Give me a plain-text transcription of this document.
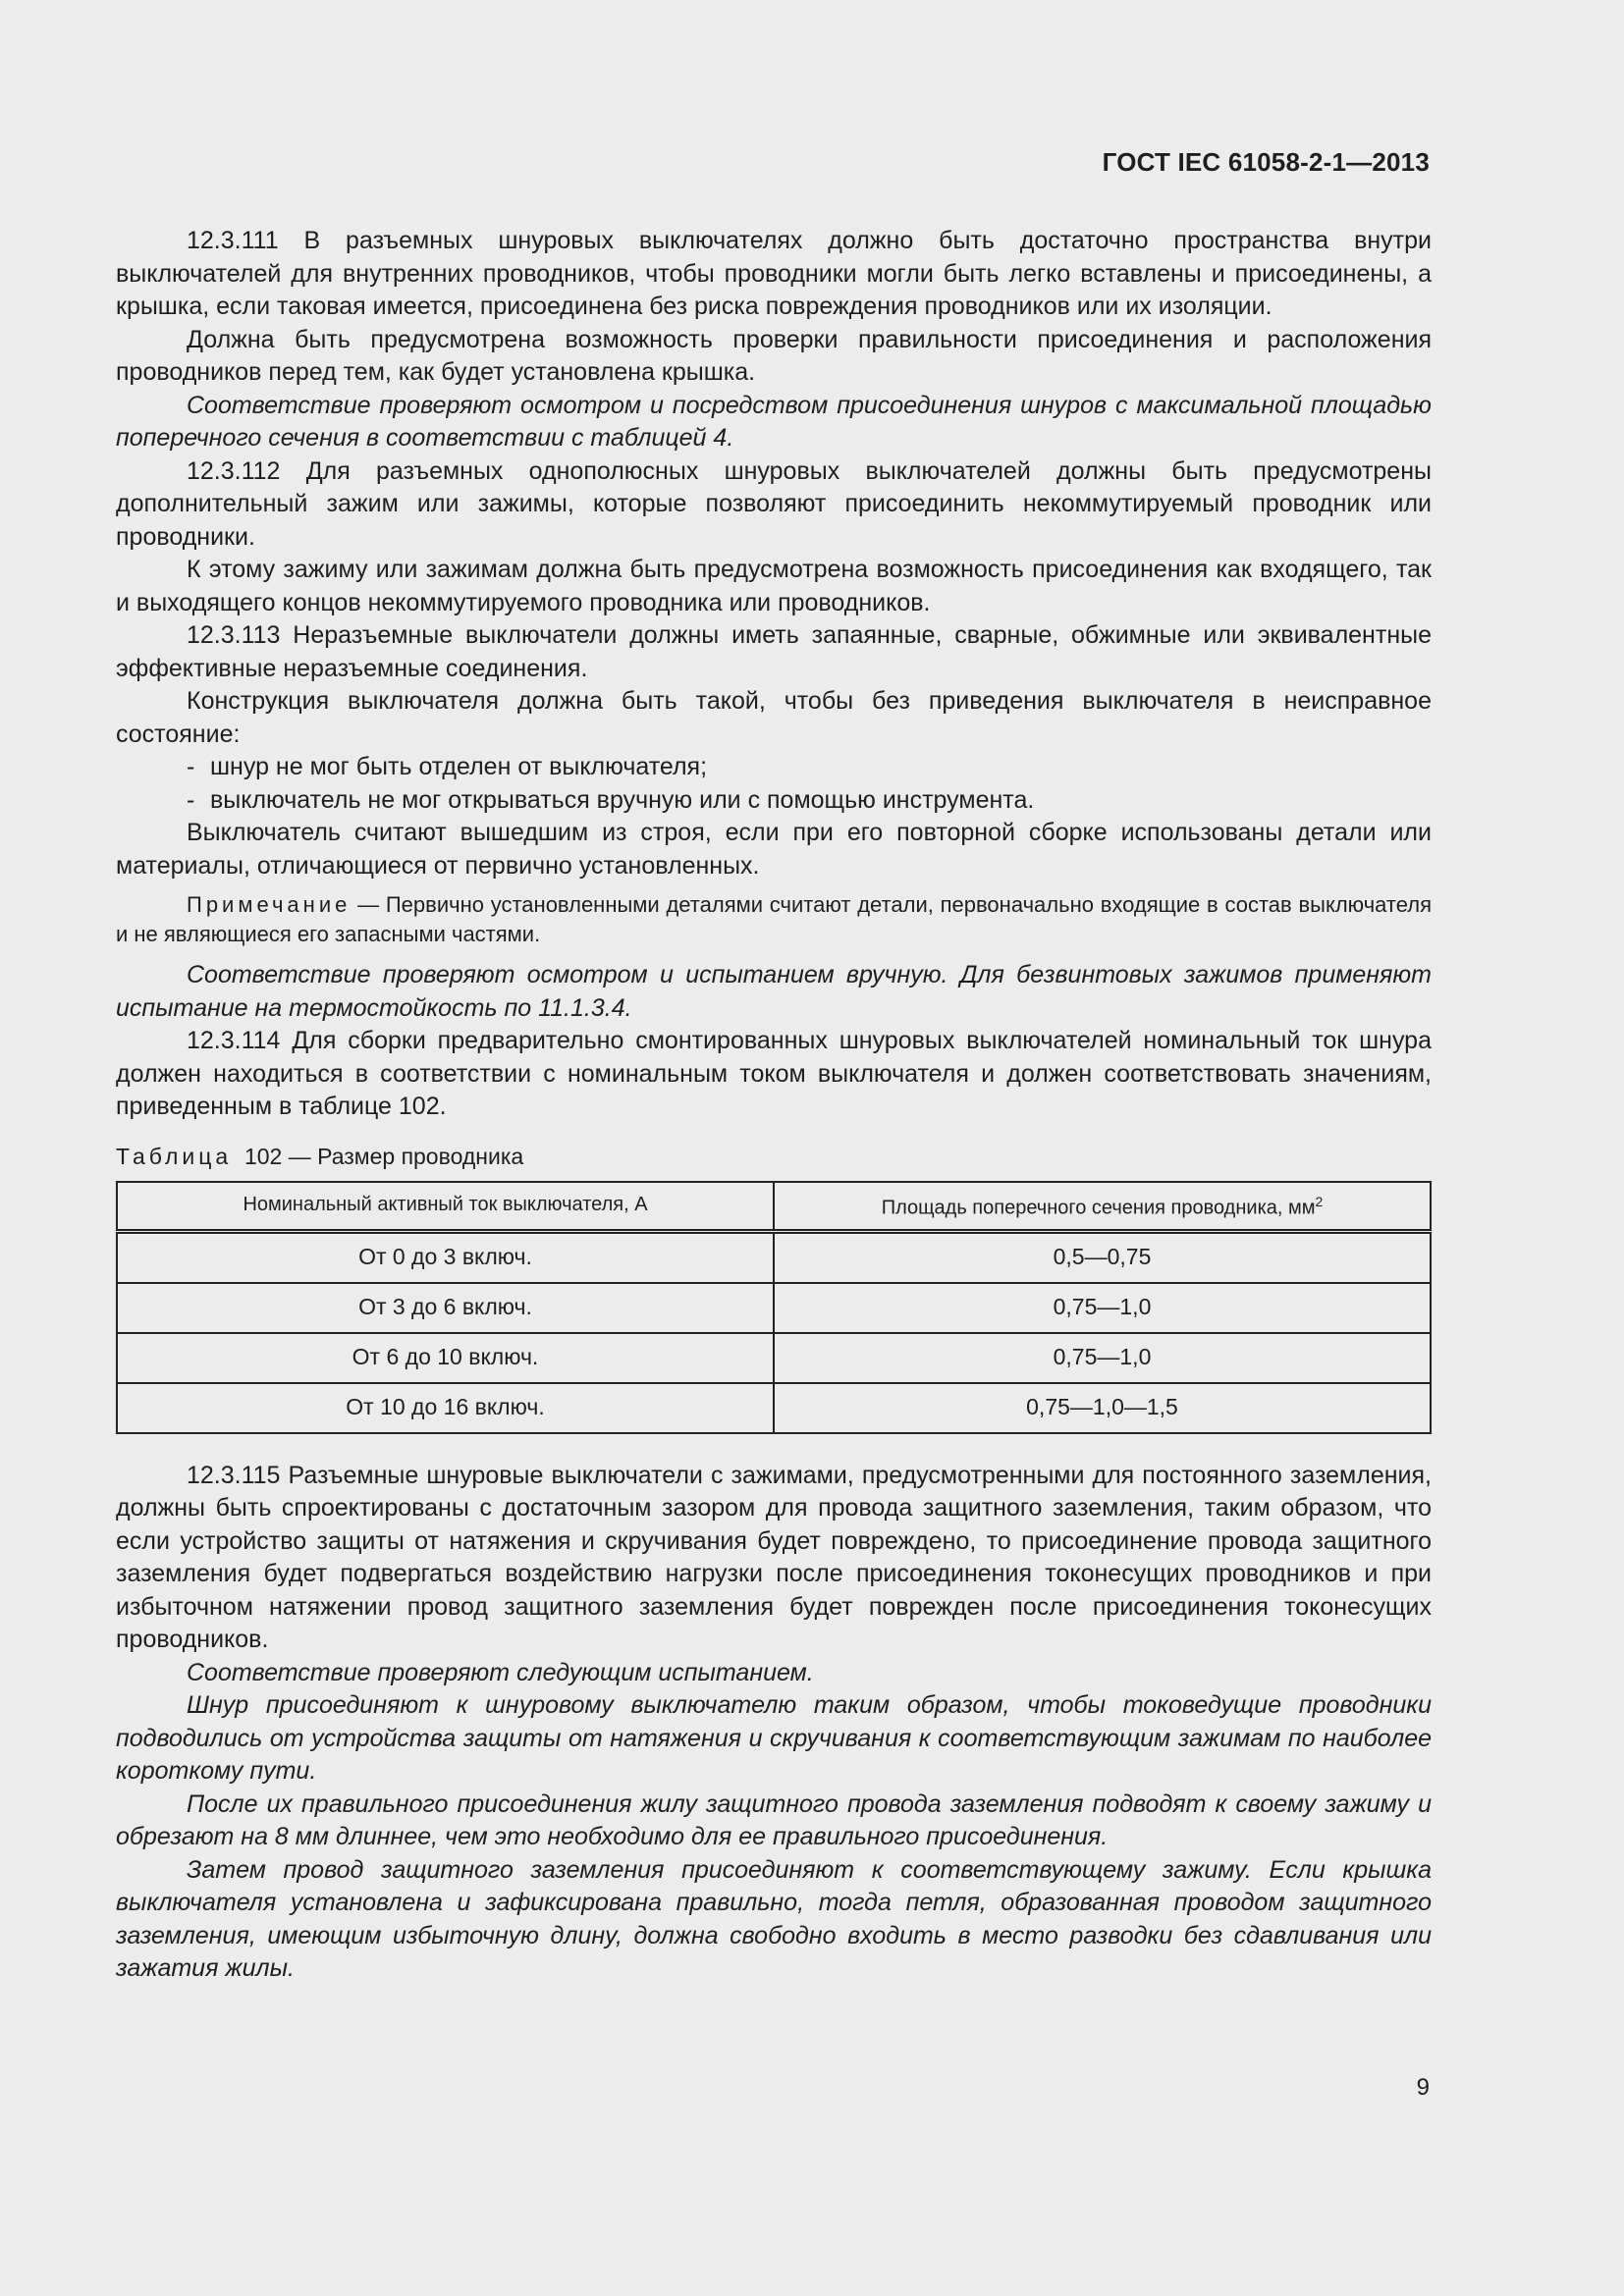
ГОСТ IEC 61058-2-1—2013

12.3.111 В разъемных шнуровых выключателях должно быть достаточно пространства внутри выключателей для внутренних проводников, чтобы проводники могли быть легко вставлены и присоединены, а крышка, если таковая имеется, присоединена без риска повреждения проводников или их изоляции.

Должна быть предусмотрена возможность проверки правильности присоединения и расположения проводников перед тем, как будет установлена крышка.

Соответствие проверяют осмотром и посредством присоединения шнуров с максимальной площадью поперечного сечения в соответствии с таблицей 4.

12.3.112 Для разъемных однополюсных шнуровых выключателей должны быть предусмотрены дополнительный зажим или зажимы, которые позволяют присоединить некоммутируемый проводник или проводники.

К этому зажиму или зажимам должна быть предусмотрена возможность присоединения как входящего, так и выходящего концов некоммутируемого проводника или проводников.

12.3.113 Неразъемные выключатели должны иметь запаянные, сварные, обжимные или эквивалентные эффективные неразъемные соединения.

Конструкция выключателя должна быть такой, чтобы без приведения выключателя в неисправное состояние:

- шнур не мог быть отделен от выключателя;

- выключатель не мог открываться вручную или с помощью инструмента.

Выключатель считают вышедшим из строя, если при его повторной сборке использованы детали или материалы, отличающиеся от первично установленных.

Примечание — Первично установленными деталями считают детали, первоначально входящие в состав выключателя и не являющиеся его запасными частями.

Соответствие проверяют осмотром и испытанием вручную. Для безвинтовых зажимов применяют испытание на термостойкость по 11.1.3.4.

12.3.114 Для сборки предварительно смонтированных шнуровых выключателей номинальный ток шнура должен находиться в соответствии с номинальным током выключателя и должен соответствовать значениям, приведенным в таблице 102.

Таблица 102 — Размер проводника
Номинальный активный ток выключателя, А	Площадь поперечного сечения проводника, $мм^2$
От 0 до 3 включ.	0,5—0,75
От 3 до 6 включ.	0,75—1,0
От 6 до 10 включ.	0,75—1,0
От 10 до 16 включ.	0,75—1,0—1,5

12.3.115 Разъемные шнуровые выключатели с зажимами, предусмотренными для постоянного заземления, должны быть спроектированы с достаточным зазором для провода защитного заземления, таким образом, что если устройство защиты от натяжения и скручивания будет повреждено, то присоединение провода защитного заземления будет подвергаться воздействию нагрузки после присоединения токонесущих проводников и при избыточном натяжении провод защитного заземления будет поврежден после присоединения токонесущих проводников.

Соответствие проверяют следующим испытанием.

Шнур присоединяют к шнуровому выключателю таким образом, чтобы токоведущие проводники подводились от устройства защиты от натяжения и скручивания к соответствующим зажимам по наиболее короткому пути.

После их правильного присоединения жилу защитного провода заземления подводят к своему зажиму и обрезают на 8 мм длиннее, чем это необходимо для ее правильного присоединения.

Затем провод защитного заземления присоединяют к соответствующему зажиму. Если крышка выключателя установлена и зафиксирована правильно, тогда петля, образованная проводом защитного заземления, имеющим избыточную длину, должна свободно входить в место разводки без сдавливания или зажатия жилы.

9
